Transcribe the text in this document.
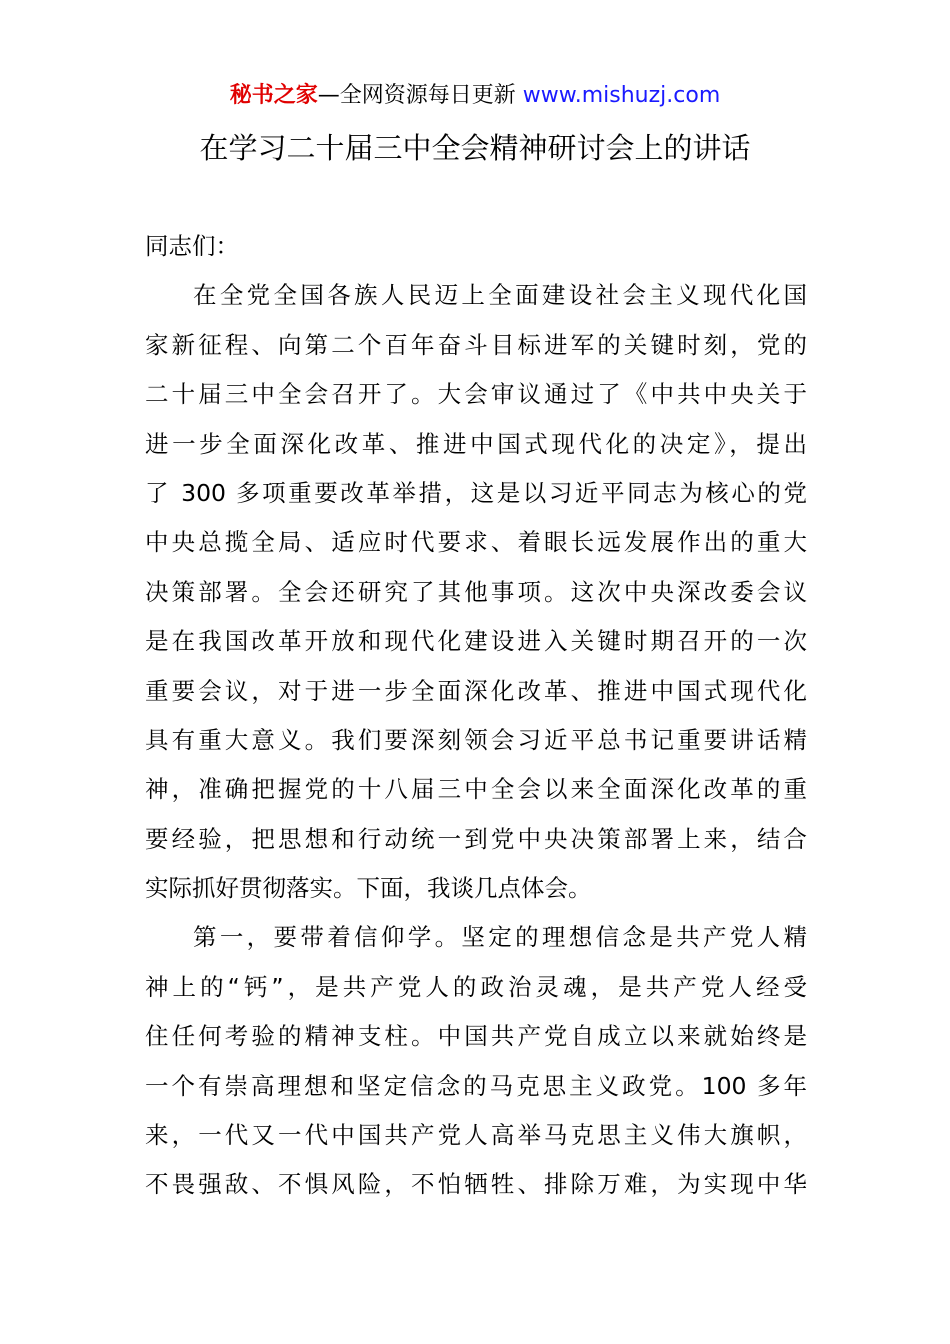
秘书之家—全网资源每日更新 www.mishuzj.com
在学习二十届三中全会精神研讨会上的讲话
同志们：
在全党全国各族人民迈上全面建设社会主义现代化国
家新征程、向第二个百年奋斗目标进军的关键时刻，党的
二十届三中全会召开了。大会审议通过了《中共中央关于
进一步全面深化改革、推进中国式现代化的决定》，提出
了 300 多项重要改革举措，这是以习近平同志为核心的党
中央总揽全局、适应时代要求、着眼长远发展作出的重大
决策部署。全会还研究了其他事项。这次中央深改委会议
是在我国改革开放和现代化建设进入关键时期召开的一次
重要会议，对于进一步全面深化改革、推进中国式现代化
具有重大意义。我们要深刻领会习近平总书记重要讲话精
神，准确把握党的十八届三中全会以来全面深化改革的重
要经验，把思想和行动统一到党中央决策部署上来，结合
实际抓好贯彻落实。下面，我谈几点体会。
第一，要带着信仰学。坚定的理想信念是共产党人精
神上的“钙”，是共产党人的政治灵魂，是共产党人经受
住任何考验的精神支柱。中国共产党自成立以来就始终是
一个有崇高理想和坚定信念的马克思主义政党。100 多年
来，一代又一代中国共产党人高举马克思主义伟大旗帜，
不畏强敌、不惧风险，不怕牺牲、排除万难，为实现中华
